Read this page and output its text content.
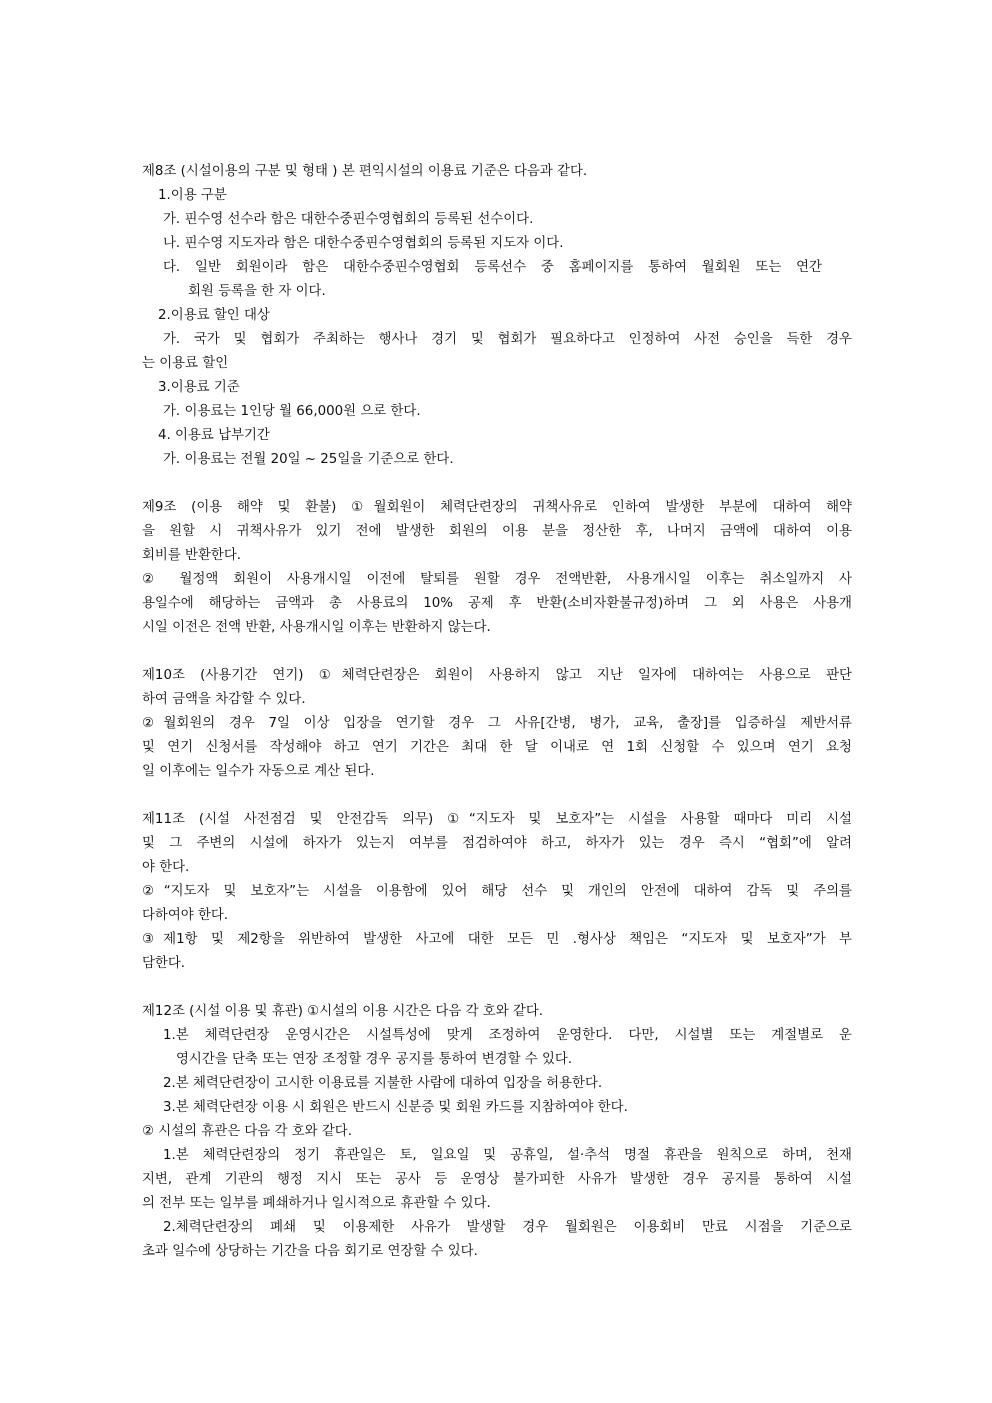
제8조 (시설이용의 구분 및 형태 ) 본 편익시설의 이용료 기준은 다음과 같다.
1.이용 구분
가. 핀수영 선수라 함은 대한수중핀수영협회의 등록된 선수이다.
나. 핀수영 지도자라 함은 대한수중핀수영협회의 등록된 지도자 이다.
다. 일반 회원이라 함은 대한수중핀수영협회 등록선수 중 홈페이지를 통하여 월회원 또는 연간
회원 등록을 한 자 이다.
2.이용료 할인 대상
가. 국가 및 협회가 주최하는 행사나 경기 및 협회가 필요하다고 인정하여 사전 승인을 득한 경우
는 이용료 할인
3.이용료 기준
가. 이용료는 1인당 월 66,000원 으로 한다.
4. 이용료 납부기간
가. 이용료는 전월 20일 ~ 25일을 기준으로 한다.
제9조 (이용 해약 및 환불) ①월회원이 체력단련장의 귀책사유로 인하여 발생한 부분에 대하여 해약
을 원할 시 귀책사유가 있기 전에 발생한 회원의 이용 분을 정산한 후, 나머지 금액에 대하여 이용
회비를 반환한다.
② 월정액 회원이 사용개시일 이전에 탈퇴를 원할 경우 전액반환, 사용개시일 이후는 취소일까지 사
용일수에 해당하는 금액과 총 사용료의 10% 공제 후 반환(소비자환불규정)하며 그 외 사용은 사용개
시일 이전은 전액 반환, 사용개시일 이후는 반환하지 않는다.
제10조 (사용기간 연기) ①체력단련장은 회원이 사용하지 않고 지난 일자에 대하여는 사용으로 판단
하여 금액을 차감할 수 있다.
②월회원의 경우 7일 이상 입장을 연기할 경우 그 사유[간병, 병가, 교육, 출장]를 입증하실 제반서류
및 연기 신청서를 작성해야 하고 연기 기간은 최대 한 달 이내로 연 1회 신청할 수 있으며 연기 요청
일 이후에는 일수가 자동으로 계산 된다.
제11조 (시설 사전점검 및 안전감독 의무) ①“지도자 및 보호자”는 시설을 사용할 때마다 미리 시설
및 그 주변의 시설에 하자가 있는지 여부를 점검하여야 하고, 하자가 있는 경우 즉시 “협회”에 알려
야 한다.
②“지도자 및 보호자”는 시설을 이용함에 있어 해당 선수 및 개인의 안전에 대하여 감독 및 주의를
다하여야 한다.
③제1항 및 제2항을 위반하여 발생한 사고에 대한 모든 민 .형사상 책임은 “지도자 및 보호자”가 부
담한다.
제12조 (시설 이용 및 휴관) ①시설의 이용 시간은 다음 각 호와 같다.
1.본 체력단련장 운영시간은 시설특성에 맞게 조정하여 운영한다. 다만, 시설별 또는 계절별로 운
영시간을 단축 또는 연장 조정할 경우 공지를 통하여 변경할 수 있다.
2.본 체력단련장이 고시한 이용료를 지불한 사람에 대하여 입장을 허용한다.
3.본 체력단련장 이용 시 회원은 반드시 신분증 및 회원 카드를 지참하여야 한다.
② 시설의 휴관은 다음 각 호와 같다.
1.본 체력단련장의 정기 휴관일은 토, 일요일 및 공휴일, 설·추석 명절 휴관을 원칙으로 하며, 천재
지변, 관계 기관의 행정 지시 또는 공사 등 운영상 불가피한 사유가 발생한 경우 공지를 통하여 시설
의 전부 또는 일부를 폐쇄하거나 일시적으로 휴관할 수 있다.
2.체력단련장의 폐쇄 및 이용제한 사유가 발생할 경우 월회원은 이용회비 만료 시점을 기준으로
초과 일수에 상당하는 기간을 다음 회기로 연장할 수 있다.
